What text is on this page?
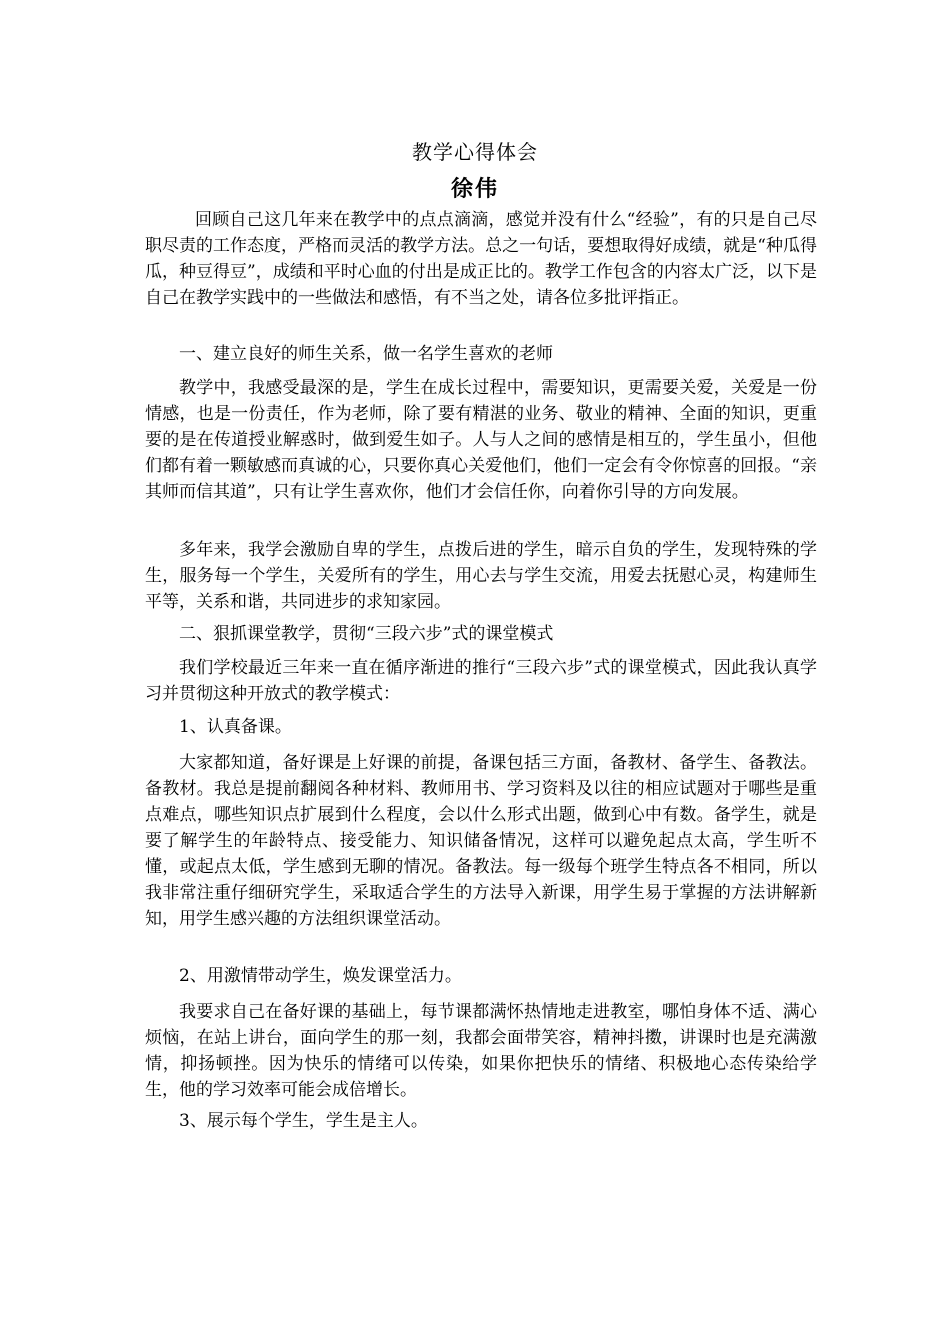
教学心得体会
徐伟

回顾自己这几年来在教学中的点点滴滴，感觉并没有什么“经验”，有的只是自己尽职尽责的工作态度，严格而灵活的教学方法。总之一句话，要想取得好成绩，就是“种瓜得瓜，种豆得豆”，成绩和平时心血的付出是成正比的。教学工作包含的内容太广泛，以下是自己在教学实践中的一些做法和感悟，有不当之处，请各位多批评指正。

一、建立良好的师生关系，做一名学生喜欢的老师

教学中，我感受最深的是，学生在成长过程中，需要知识，更需要关爱，关爱是一份情感，也是一份责任，作为老师，除了要有精湛的业务、敬业的精神、全面的知识，更重要的是在传道授业解惑时，做到爱生如子。人与人之间的感情是相互的，学生虽小，但他们都有着一颗敏感而真诚的心，只要你真心关爱他们，他们一定会有令你惊喜的回报。“亲其师而信其道”，只有让学生喜欢你，他们才会信任你，向着你引导的方向发展。

多年来，我学会激励自卑的学生，点拨后进的学生，暗示自负的学生，发现特殊的学生，服务每一个学生，关爱所有的学生，用心去与学生交流，用爱去抚慰心灵，构建师生平等，关系和谐，共同进步的求知家园。

二、狠抓课堂教学，贯彻“三段六步”式的课堂模式

我们学校最近三年来一直在循序渐进的推行“三段六步”式的课堂模式，因此我认真学习并贯彻这种开放式的教学模式：

1、认真备课。

大家都知道，备好课是上好课的前提，备课包括三方面，备教材、备学生、备教法。备教材。我总是提前翻阅各种材料、教师用书、学习资料及以往的相应试题对于哪些是重点难点，哪些知识点扩展到什么程度，会以什么形式出题，做到心中有数。备学生，就是要了解学生的年龄特点、接受能力、知识储备情况，这样可以避免起点太高，学生听不懂，或起点太低，学生感到无聊的情况。备教法。每一级每个班学生特点各不相同，所以我非常注重仔细研究学生，采取适合学生的方法导入新课，用学生易于掌握的方法讲解新知，用学生感兴趣的方法组织课堂活动。

2、用激情带动学生，焕发课堂活力。

我要求自己在备好课的基础上，每节课都满怀热情地走进教室，哪怕身体不适、满心烦恼，在站上讲台，面向学生的那一刻，我都会面带笑容，精神抖擞，讲课时也是充满激情，抑扬顿挫。因为快乐的情绪可以传染，如果你把快乐的情绪、积极地心态传染给学生，他的学习效率可能会成倍增长。

3、展示每个学生，学生是主人。
